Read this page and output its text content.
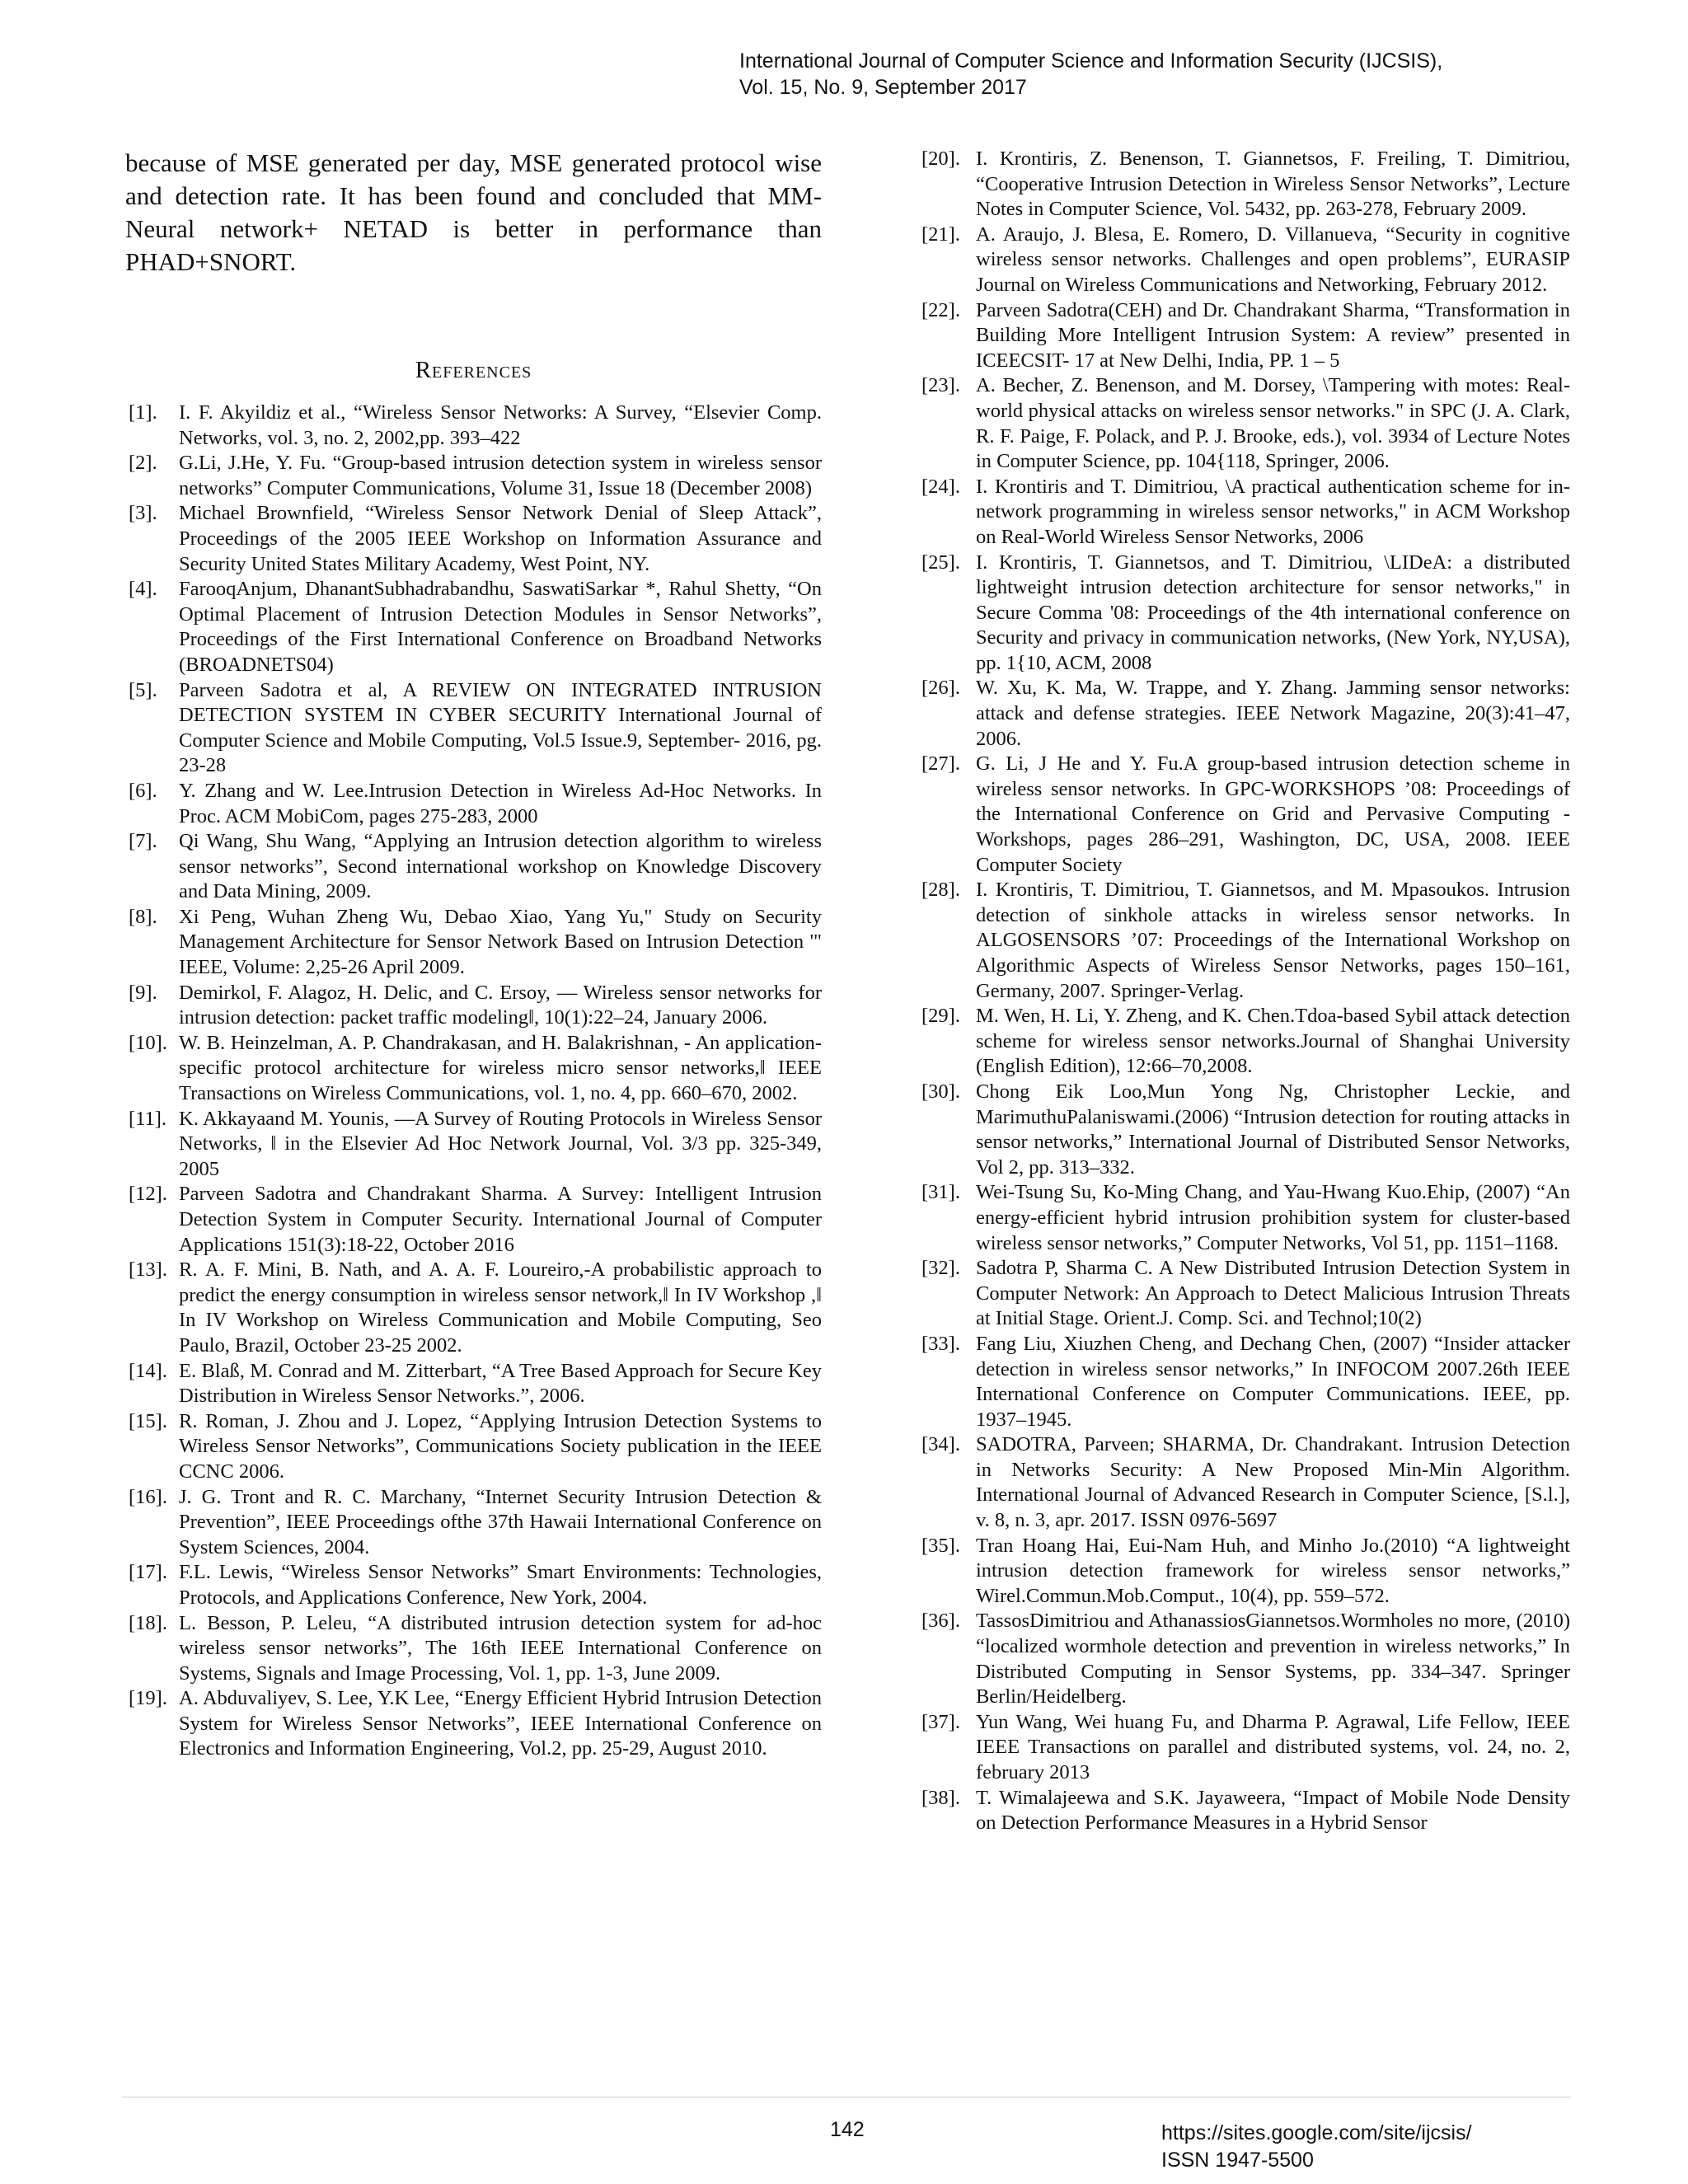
International Journal of Computer Science and Information Security (IJCSIS),
Vol. 15, No. 9, September 2017

because of MSE generated per day, MSE generated protocol wise and detection rate. It has been found and concluded that MM-Neural network+ NETAD is better in performance than PHAD+SNORT.

References
[1].	I. F. Akyildiz et al., “Wireless Sensor Networks: A Survey, “Elsevier Comp. Networks, vol. 3, no. 2, 2002,pp. 393–422
[2].	G.Li, J.He, Y. Fu. “Group-based intrusion detection system in wireless sensor networks” Computer Communications, Volume 31, Issue 18 (December 2008)
[3].	Michael Brownfield, “Wireless Sensor Network Denial of Sleep Attack”, Proceedings of the 2005 IEEE Workshop on Information Assurance and Security United States Military Academy, West Point, NY.
[4].	FarooqAnjum, DhanantSubhadrabandhu, SaswatiSarkar *, Rahul Shetty, “On Optimal Placement of Intrusion Detection Modules in Sensor Networks”, Proceedings of the First International Conference on Broadband Networks (BROADNETS04)
[5].	Parveen Sadotra et al, A REVIEW ON INTEGRATED INTRUSION DETECTION SYSTEM IN CYBER SECURITY International Journal of Computer Science and Mobile Computing, Vol.5 Issue.9, September- 2016, pg. 23-28
[6].	Y. Zhang and W. Lee.Intrusion Detection in Wireless Ad-Hoc Networks. In Proc. ACM MobiCom, pages 275-283, 2000
[7].	Qi Wang, Shu Wang, “Applying an Intrusion detection algorithm to wireless sensor networks”, Second international workshop on Knowledge Discovery and Data Mining, 2009.
[8].	Xi Peng, Wuhan Zheng Wu, Debao Xiao, Yang Yu," Study on Security Management Architecture for Sensor Network Based on Intrusion Detection '" IEEE, Volume: 2,25-26 April 2009.
[9].	Demirkol, F. Alagoz, H. Delic, and C. Ersoy, ― Wireless sensor networks for intrusion detection: packet traffic modeling‖, 10(1):22–24, January 2006.
[10]. W. B. Heinzelman, A. P. Chandrakasan, and H. Balakrishnan, - An application-specific protocol architecture for wireless micro sensor networks,‖ IEEE Transactions on Wireless Communications, vol. 1, no. 4, pp. 660–670, 2002.
[11]. K. Akkayaand M. Younis, ―A Survey of Routing Protocols in Wireless Sensor Networks, ‖ in the Elsevier Ad Hoc Network Journal, Vol. 3/3 pp. 325-349, 2005
[12]. Parveen Sadotra and Chandrakant Sharma. A Survey: Intelligent Intrusion Detection System in Computer Security. International Journal of Computer Applications 151(3):18-22, October 2016
[13]. R. A. F. Mini, B. Nath, and A. A. F. Loureiro,-A probabilistic approach to predict the energy consumption in wireless sensor network,‖ In IV Workshop ,‖ In IV Workshop on Wireless Communication and Mobile Computing, Seo Paulo, Brazil, October 23-25 2002.
[14]. E. Blaß, M. Conrad and M. Zitterbart, “A Tree Based Approach for Secure Key Distribution in Wireless Sensor Networks.”, 2006.
[15]. R. Roman, J. Zhou and J. Lopez, “Applying Intrusion Detection Systems to Wireless Sensor Networks”, Communications Society publication in the IEEE CCNC 2006.
[16]. J. G. Tront and R. C. Marchany, “Internet Security Intrusion Detection & Prevention”, IEEE Proceedings ofthe 37th Hawaii International Conference on System Sciences, 2004.
[17]. F.L. Lewis, “Wireless Sensor Networks” Smart Environments: Technologies, Protocols, and Applications Conference, New York, 2004.
[18]. L. Besson, P. Leleu, “A distributed intrusion detection system for ad-hoc wireless sensor networks”, The 16th IEEE International Conference on Systems, Signals and Image Processing, Vol. 1, pp. 1-3, June 2009.
[19]. A. Abduvaliyev, S. Lee, Y.K Lee, “Energy Efficient Hybrid Intrusion Detection System for Wireless Sensor Networks”, IEEE International Conference on Electronics and Information Engineering, Vol.2, pp. 25-29, August 2010.
[20]. I. Krontiris, Z. Benenson, T. Giannetsos, F. Freiling, T. Dimitriou, “Cooperative Intrusion Detection in Wireless Sensor Networks”, Lecture Notes in Computer Science, Vol. 5432, pp. 263-278, February 2009.
[21]. A. Araujo, J. Blesa, E. Romero, D. Villanueva, “Security in cognitive wireless sensor networks. Challenges and open problems”, EURASIP Journal on Wireless Communications and Networking, February 2012.
[22]. Parveen Sadotra(CEH) and Dr. Chandrakant Sharma, “Transformation in Building More Intelligent Intrusion System: A review” presented in ICEECSIT- 17 at New Delhi, India, PP. 1 – 5
[23]. A. Becher, Z. Benenson, and M. Dorsey, \Tampering with motes: Real-world physical attacks on wireless sensor networks." in SPC (J. A. Clark, R. F. Paige, F. Polack, and P. J. Brooke, eds.), vol. 3934 of Lecture Notes in Computer Science, pp. 104{118, Springer, 2006.
[24]. I. Krontiris and T. Dimitriou, \A practical authentication scheme for in-network programming in wireless sensor networks," in ACM Workshop on Real-World Wireless Sensor Networks, 2006
[25]. I. Krontiris, T. Giannetsos, and T. Dimitriou, \LIDeA: a distributed lightweight intrusion detection architecture for sensor networks," in Secure Comma '08: Proceedings of the 4th international conference on Security and privacy in communication networks, (New York, NY,USA), pp. 1{10, ACM, 2008
[26]. W. Xu, K. Ma, W. Trappe, and Y. Zhang. Jamming sensor networks: attack and defense strategies. IEEE Network Magazine, 20(3):41–47, 2006.
[27]. G. Li, J He and Y. Fu.A group-based intrusion detection scheme in wireless sensor networks. In GPC-WORKSHOPS ’08: Proceedings of the International Conference on Grid and Pervasive Computing - Workshops, pages 286–291, Washington, DC, USA, 2008. IEEE Computer Society
[28]. I. Krontiris, T. Dimitriou, T. Giannetsos, and M. Mpasoukos. Intrusion detection of sinkhole attacks in wireless sensor networks. In ALGOSENSORS ’07: Proceedings of the International Workshop on Algorithmic Aspects of Wireless Sensor Networks, pages 150–161, Germany, 2007. Springer-Verlag.
[29]. M. Wen, H. Li, Y. Zheng, and K. Chen.Tdoa-based Sybil attack detection scheme for wireless sensor networks.Journal of Shanghai University (English Edition), 12:66–70,2008.
[30]. Chong Eik Loo,Mun Yong Ng, Christopher Leckie, and MarimuthuPalaniswami.(2006) “Intrusion detection for routing attacks in sensor networks,” International Journal of Distributed Sensor Networks, Vol 2, pp. 313–332.
[31]. Wei-Tsung Su, Ko-Ming Chang, and Yau-Hwang Kuo.Ehip, (2007) “An energy-efficient hybrid intrusion prohibition system for cluster-based wireless sensor networks,” Computer Networks, Vol 51, pp. 1151–1168.
[32]. Sadotra P, Sharma C. A New Distributed Intrusion Detection System in Computer Network: An Approach to Detect Malicious Intrusion Threats at Initial Stage. Orient.J. Comp. Sci. and Technol;10(2)
[33]. Fang Liu, Xiuzhen Cheng, and Dechang Chen, (2007) “Insider attacker detection in wireless sensor networks,” In INFOCOM 2007.26th IEEE International Conference on Computer Communications. IEEE, pp. 1937–1945.
[34]. SADOTRA, Parveen; SHARMA, Dr. Chandrakant. Intrusion Detection in Networks Security: A New Proposed Min-Min Algorithm. International Journal of Advanced Research in Computer Science, [S.l.], v. 8, n. 3, apr. 2017. ISSN 0976-5697
[35]. Tran Hoang Hai, Eui-Nam Huh, and Minho Jo.(2010) “A lightweight intrusion detection framework for wireless sensor networks,” Wirel.Commun.Mob.Comput., 10(4), pp. 559–572.
[36]. TassosDimitriou and AthanassiosGiannetsos.Wormholes no more, (2010) “localized wormhole detection and prevention in wireless networks,” In Distributed Computing in Sensor Systems, pp. 334–347. Springer Berlin/Heidelberg.
[37]. Yun Wang, Wei huang Fu, and Dharma P. Agrawal, Life Fellow, IEEE IEEE Transactions on parallel and distributed systems, vol. 24, no. 2, february 2013
[38]. T. Wimalajeewa and S.K. Jayaweera, “Impact of Mobile Node Density on Detection Performance Measures in a Hybrid Sensor
142	https://sites.google.com/site/ijcsis/
ISSN 1947-5500
